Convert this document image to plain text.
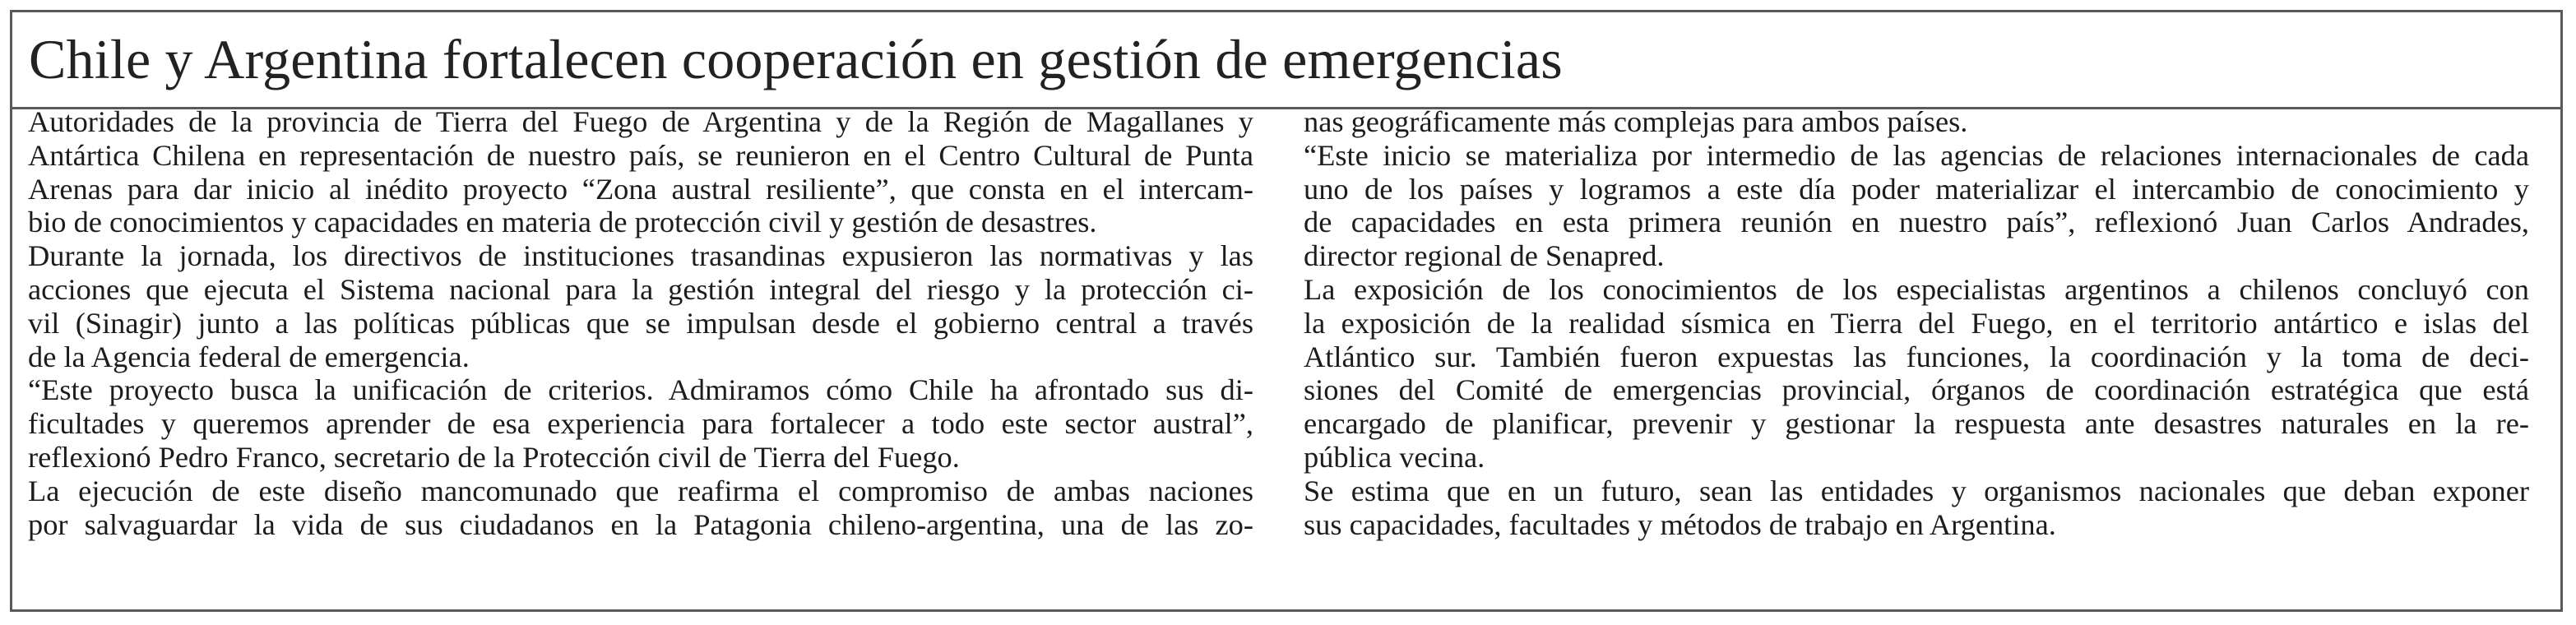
Chile y Argentina fortalecen cooperación en gestión de emergencias
Autoridades de la provincia de Tierra del Fuego de Argentina y de la Región de Magallanes y
Antártica Chilena en representación de nuestro país, se reunieron en el Centro Cultural de Punta
Arenas para dar inicio al inédito proyecto “Zona austral resiliente”, que consta en el intercam-
bio de conocimientos y capacidades en materia de protección civil y gestión de desastres.
Durante la jornada, los directivos de instituciones trasandinas expusieron las normativas y las
acciones que ejecuta el Sistema nacional para la gestión integral del riesgo y la protección ci-
vil (Sinagir) junto a las políticas públicas que se impulsan desde el gobierno central a través
de la Agencia federal de emergencia.
“Este proyecto busca la unificación de criterios. Admiramos cómo Chile ha afrontado sus di-
ficultades y queremos aprender de esa experiencia para fortalecer a todo este sector austral”,
reflexionó Pedro Franco, secretario de la Protección civil de Tierra del Fuego.
La ejecución de este diseño mancomunado que reafirma el compromiso de ambas naciones
por salvaguardar la vida de sus ciudadanos en la Patagonia chileno-argentina, una de las zo-
nas geográficamente más complejas para ambos países.
“Este inicio se materializa por intermedio de las agencias de relaciones internacionales de cada
uno de los países y logramos a este día poder materializar el intercambio de conocimiento y
de capacidades en esta primera reunión en nuestro país”, reflexionó Juan Carlos Andrades,
director regional de Senapred.
La exposición de los conocimientos de los especialistas argentinos a chilenos concluyó con
la exposición de la realidad sísmica en Tierra del Fuego, en el territorio antártico e islas del
Atlántico sur. También fueron expuestas las funciones, la coordinación y la toma de deci-
siones del Comité de emergencias provincial, órganos de coordinación estratégica que está
encargado de planificar, prevenir y gestionar la respuesta ante desastres naturales en la re-
pública vecina.
Se estima que en un futuro, sean las entidades y organismos nacionales que deban exponer
sus capacidades, facultades y métodos de trabajo en Argentina.
